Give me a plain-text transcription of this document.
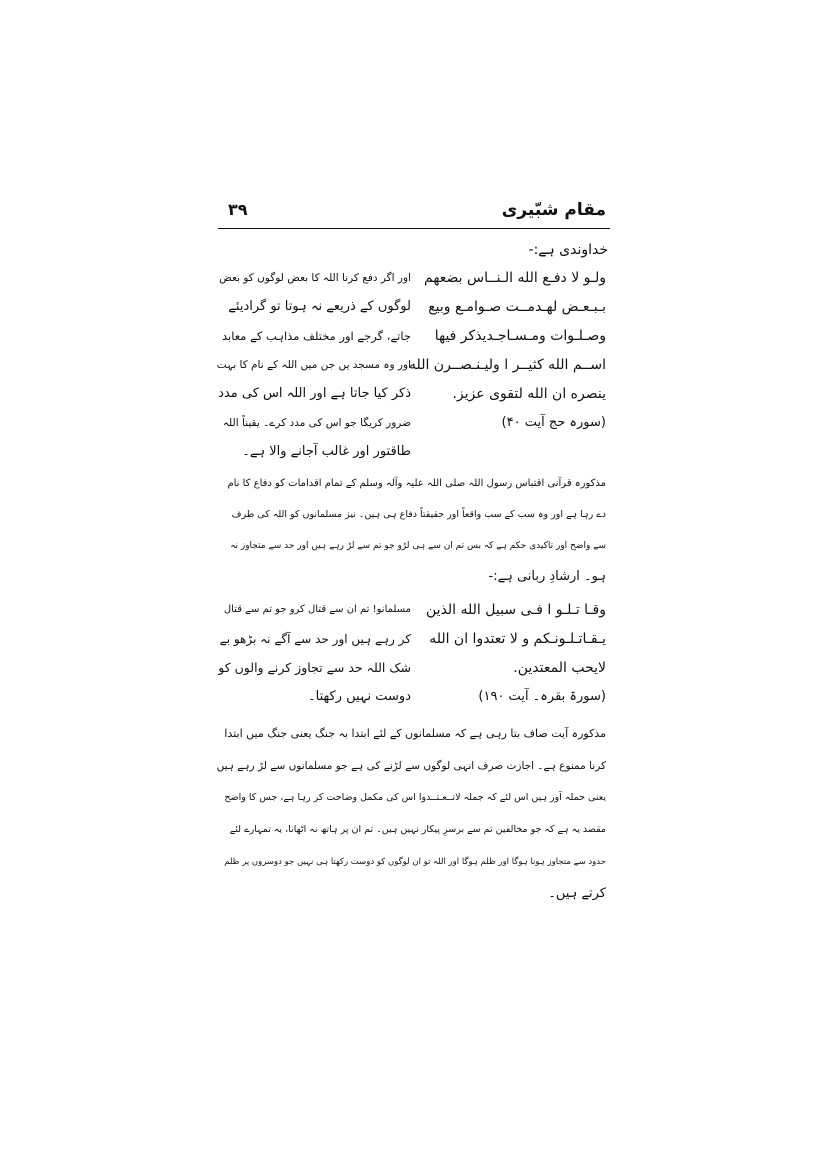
مقام شبّیری
۳۹
خداوندی ہے:-
ولـو لا دفـع الله الـنــاس بضعهم
بـبـعـض لهـدمــت صـوامـع وبيع
وصـلـوات ومـسـاجـديذكر فيها
اســم الله كثيــر ا وليـنـصــرن الله
ينصره ان الله لتقوى عزيز.
(سورہ حج آیت ۴۰)
اور اگر دفع کرنا اللہ کا بعض لوگوں کو بعض
لوگوں کے ذریعے نہ ہوتا تو گرادیئے
جاتے، گرجے اور مختلف مذاہب کے معابد
اور وہ مسجد یں جن میں اللہ کے نام کا بہت
ذکر کیا جاتا ہے اور اللہ اس کی مدد
ضرور کریگا جو اس کی مدد کرے۔ یقیناً اللہ
طاقتور اور غالب آجانے والا ہے۔
مذکورہ قرآنی اقتباس رسول اللہ صلی اللہ علیہ وآلہ وسلم کے تمام اقدامات کو دفاع کا نام
دے رہا ہے اور وہ سب کے سب واقعاً اور حقیقتاً دفاع ہی ہیں۔ نیز مسلمانوں کو اللہ کی طرف
سے واضح اور تاکیدی حکم ہے کہ بس تم ان سے ہی لڑو جو تم سے لڑ رہے ہیں اور حد سے متجاوز نہ
ہو۔ ارشادِ ربانی ہے:-
وقـا تـلـو ا فـی سبیل الله الذین
يـقـاتـلـونـكم و لا تعتدوا ان الله
لايحب المعتدين.
(سورۃ بقرہ۔ آیت ۱۹۰)
مسلمانو! تم ان سے قتال کرو جو تم سے قتال
کر رہے ہیں اور حد سے آگے نہ بڑھو بے
شک اللہ حد سے تجاوز کرنے والوں کو
دوست نہیں رکھتا۔
مذکورہ آیت صاف بتا رہی ہے کہ مسلمانوں کے لئے ابتدا بہ جنگ یعنی جنگ میں ابتدا
کرنا ممنوع ہے۔ اجازت صرف انہی لوگوں سے لڑنے کی ہے جو مسلمانوں سے لڑ رہے ہیں
یعنی حملہ آور ہیں اس لئے کہ جملہ لاتــعـتــدوا اس کی مکمل وضاحت کر رہا ہے، جس کا واضح
مقصد یہ ہے کہ جو مخالفین تم سے برسرِ پیکار نہیں ہیں۔ تم ان پر ہاتھ نہ اٹھانا، یہ تمہارے لئے
حدود سے متجاوز ہونا ہوگا اور ظلم ہوگا اور اللہ تو ان لوگوں کو دوست رکھتا ہی نہیں جو دوسروں پر ظلم
کرتے ہیں۔
